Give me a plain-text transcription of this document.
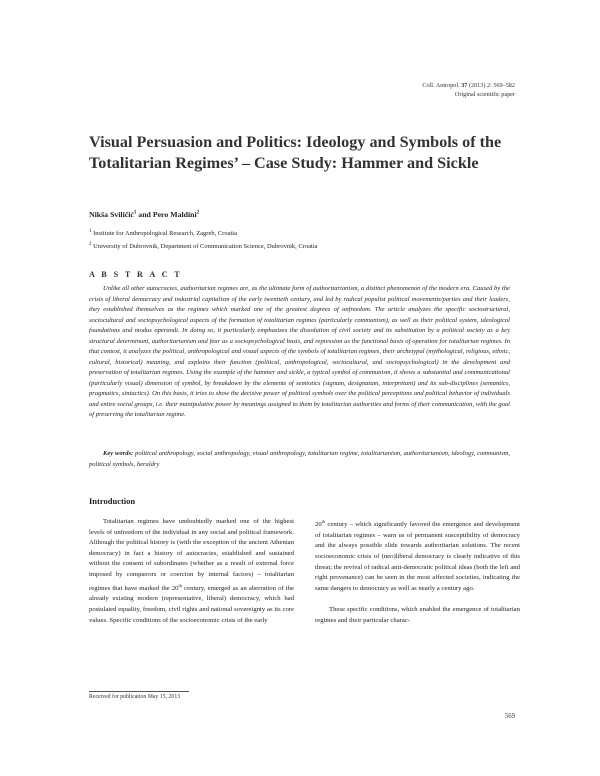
Coll. Antropol. 37 (2013) 2: 569–582
Original scientific paper
Visual Persuasion and Politics: Ideology and Symbols of the Totalitarian Regimes’ – Case Study: Hammer and Sickle
Nikša Sviličić$^1$ and Pero Maldini$^2$
$^1$ Institute for Anthropological Research, Zagreb, Croatia
$^2$ University of Dubrovnik, Department of Communication Science, Dubrovnik, Croatia
A B S T R A C T

Unlike all other autocracies, authoritarian regimes are, as the ultimate form of authoritarianism, a distinct phenomenon of the modern era. Caused by the crisis of liberal democracy and industrial capitalism of the early twentieth century, and led by radical populist political movements/parties and their leaders, they established themselves as the regimes which marked one of the greatest degrees of unfreedom. The article analyzes the specific sociostructural, sociocultural and sociopsychological aspects of the formation of totalitarian regimes (particularly communism), as well as their political system, ideological foundations and modus operandi. In doing so, it particularly emphasizes the dissolution of civil society and its substitution by a political society as a key structural determinant, authoritarianism and fear as a sociopsychological basis, and repression as the functional basis of operation for totalitarian regimes. In that context, it analyzes the political, anthropological and visual aspects of the symbols of totalitarian regimes, their archetypal (mythological, religious, ethnic, cultural, historical) meaning, and explains their function (political, anthropological, sociocultural, and sociopsychological) in the development and preservation of totalitarian regimes. Using the example of the hammer and sickle, a typical symbol of communism, it shows a substantial and communicational (particularly visual) dimension of symbol, by breakdown by the elements of semiotics (signum, designatum, interpretant) and its sub-disciplines (semantics, pragmatics, sintactics). On this basis, it tries to show the decisive power of political symbols over the political perceptions and political behavior of individuals and entire social groups, i.e. their manipulative power by meanings assigned to them by totalitarian authorities and forms of their communication, with the goal of preserving the totalitarian regime.

Key words: political anthropology, social anthropology, visual anthropology, totalitarian regime, totalitarianism, authoritarianism, ideology, communism, political symbols, heraldry

Introduction

Totalitarian regimes have undoubtedly marked one of the highest levels of unfreedom of the individual in any social and political framework. Although the political history is (with the exception of the ancient Athenian democracy) in fact a history of autocracies, established and sustained without the consent of subordinates (whether as a result of external force imposed by conquerors or coercion by internal factors) – totalitarian regimes that have marked the 20th century, emerged as an aberration of the already existing modern (representative, liberal) democracy, which had postulated equality, freedom, civil rights and national sovereignty as its core values. Specific conditions of the socioeconomic crisis of the early

20th century – which significantly favored the emergence and development of totalitarian regimes – warn us of permanent susceptibility of democracy and the always possible slide towards authoritarian solutions. The recent socioeconomic crisis of (neo)liberal democracy is clearly indicative of this threat; the revival of radical anti-democratic political ideas (both the left and right provenance) can be seen in the most affected societies, indicating the same dangers to democracy as well as nearly a century ago.

These specific conditions, which enabled the emergence of totalitarian regimes and their particular charac-

Received for publication May 15, 2013
569
